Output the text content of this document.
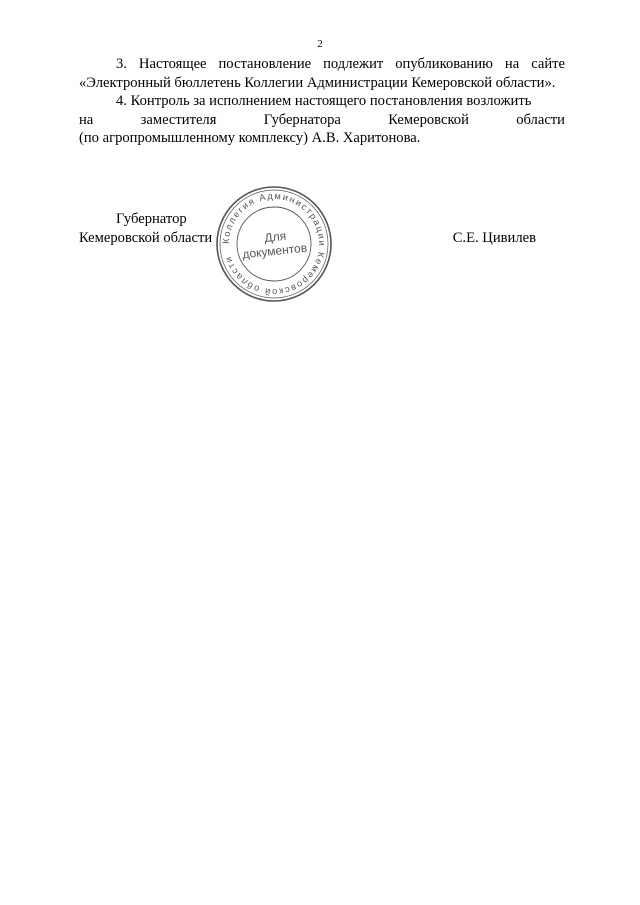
2

3. Настоящее постановление подлежит опубликованию на сайте «Электронный бюллетень Коллегии Администрации Кемеровской области».

4. Контроль за исполнением настоящего постановления возложить

на	заместителя	Губернатора	Кемеровской	области
(по агропромышленному комплексу) А.В. Харитонова.
Губернатор
Кемеровской области	С.Е. Цивилев
Коллегия Администрации Кемеровской области
Для
документов
